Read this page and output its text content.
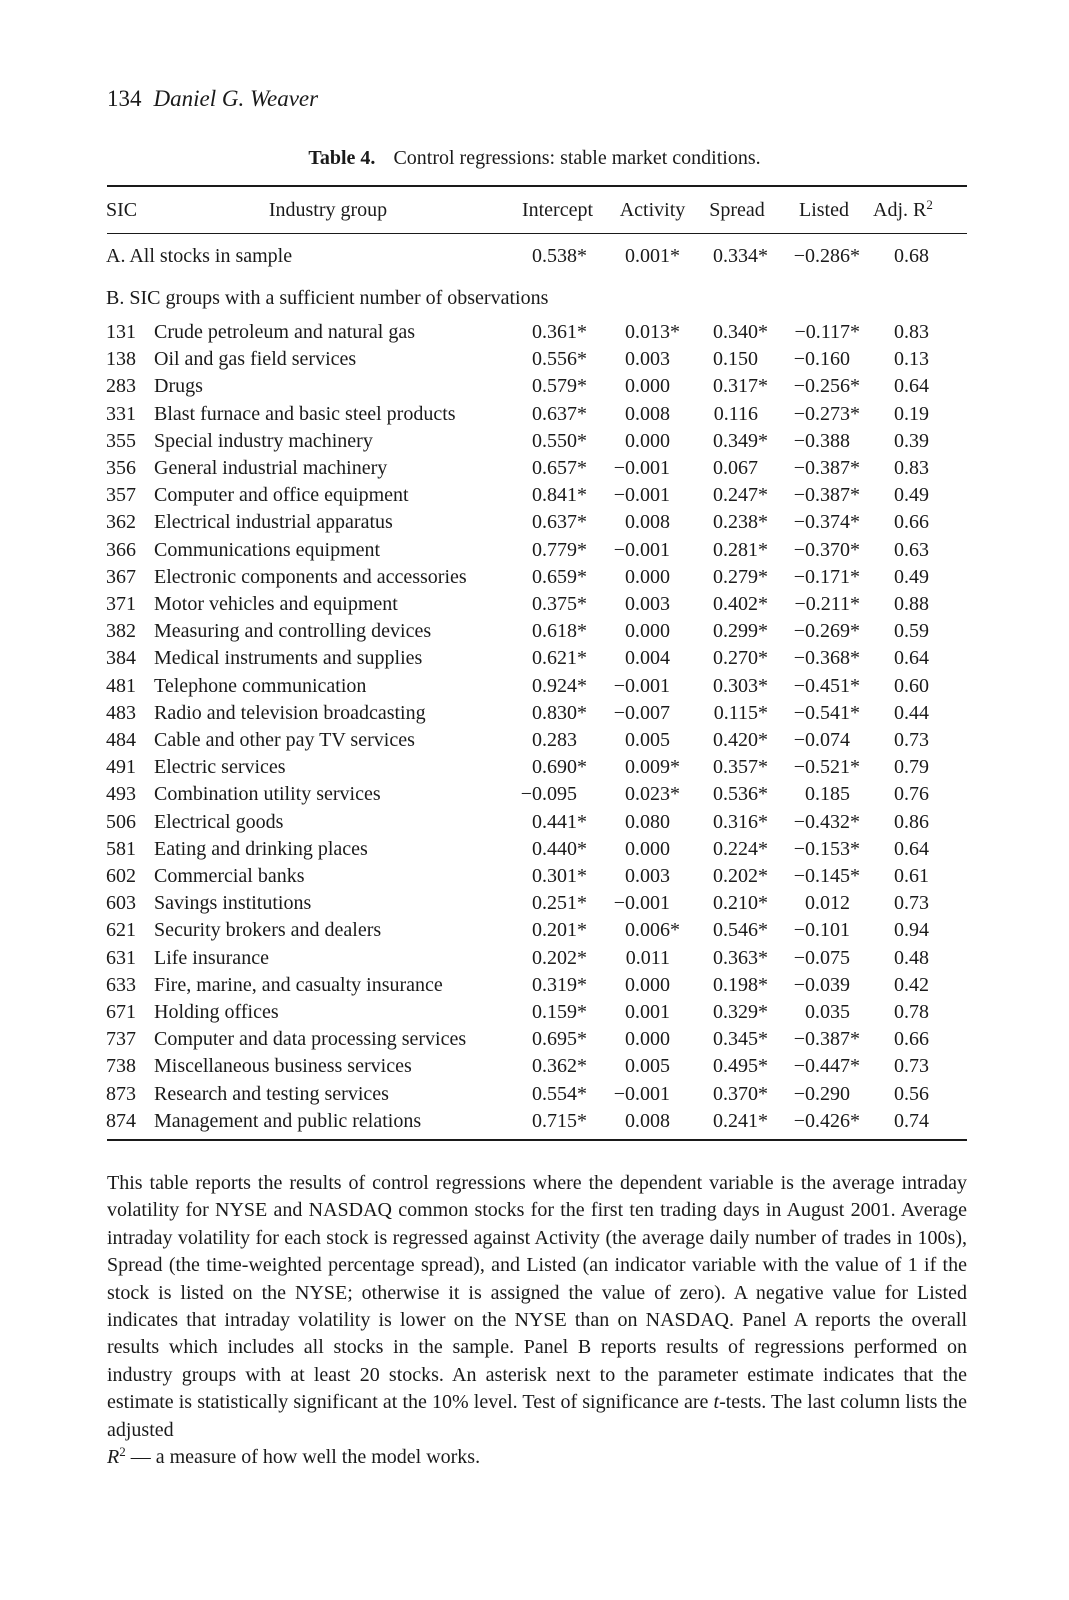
134 Daniel G. Weaver
Table 4. Control regressions: stable market conditions.
SIC	Industry group	Intercept	Activity	Spread	Listed	Adj. $R^2$
A. All stocks in sample	0.538*	0.001*	0.334*	−0.286*	0.68
B. SIC groups with a sufficient number of observations
131 Crude petroleum and natural gas	0.361*	0.013*	0.340*	−0.117*	0.83
138 Oil and gas field services	0.556*	0.003	0.150	−0.160	0.13
283 Drugs	0.579*	0.000	0.317*	−0.256*	0.64
331 Blast furnace and basic steel products	0.637*	0.008	0.116	−0.273*	0.19
355 Special industry machinery	0.550*	0.000	0.349*	−0.388	0.39
356 General industrial machinery	0.657*	−0.001	0.067	−0.387*	0.83
357 Computer and office equipment	0.841*	−0.001	0.247*	−0.387*	0.49
362 Electrical industrial apparatus	0.637*	0.008	0.238*	−0.374*	0.66
366 Communications equipment	0.779*	−0.001	0.281*	−0.370*	0.63
367 Electronic components and accessories	0.659*	0.000	0.279*	−0.171*	0.49
371 Motor vehicles and equipment	0.375*	0.003	0.402*	−0.211*	0.88
382 Measuring and controlling devices	0.618*	0.000	0.299*	−0.269*	0.59
384 Medical instruments and supplies	0.621*	0.004	0.270*	−0.368*	0.64
481 Telephone communication	0.924*	−0.001	0.303*	−0.451*	0.60
483 Radio and television broadcasting	0.830*	−0.007	0.115*	−0.541*	0.44
484 Cable and other pay TV services	0.283	0.005	0.420*	−0.074	0.73
491 Electric services	0.690*	0.009*	0.357*	−0.521*	0.79
493 Combination utility services	−0.095	0.023*	0.536*	0.185	0.76
506 Electrical goods	0.441*	0.080	0.316*	−0.432*	0.86
581 Eating and drinking places	0.440*	0.000	0.224*	−0.153*	0.64
602 Commercial banks	0.301*	0.003	0.202*	−0.145*	0.61
603 Savings institutions	0.251*	−0.001	0.210*	0.012	0.73
621 Security brokers and dealers	0.201*	0.006*	0.546*	−0.101	0.94
631 Life insurance	0.202*	0.011	0.363*	−0.075	0.48
633 Fire, marine, and casualty insurance	0.319*	0.000	0.198*	−0.039	0.42
671 Holding offices	0.159*	0.001	0.329*	0.035	0.78
737 Computer and data processing services	0.695*	0.000	0.345*	−0.387*	0.66
738 Miscellaneous business services	0.362*	0.005	0.495*	−0.447*	0.73
873 Research and testing services	0.554*	−0.001	0.370*	−0.290	0.56
874 Management and public relations	0.715*	0.008	0.241*	−0.426*	0.74
This table reports the results of control regressions where the dependent variable is the average intraday volatility for NYSE and NASDAQ common stocks for the first ten trading days in August 2001. Average intraday volatility for each stock is regressed against Activity (the average daily number of trades in 100s), Spread (the time-weighted percentage spread), and Listed (an indicator variable with the value of 1 if the stock is listed on the NYSE; otherwise it is assigned the value of zero). A negative value for Listed indicates that intraday volatility is lower on the NYSE than on NASDAQ. Panel A reports the overall results which includes all stocks in the sample. Panel B reports results of regressions performed on industry groups with at least 20 stocks. An asterisk next to the parameter estimate indicates that the estimate is statistically significant at the 10% level. Test of significance are t-tests. The last column lists the adjusted
$R^2$ — a measure of how well the model works.
